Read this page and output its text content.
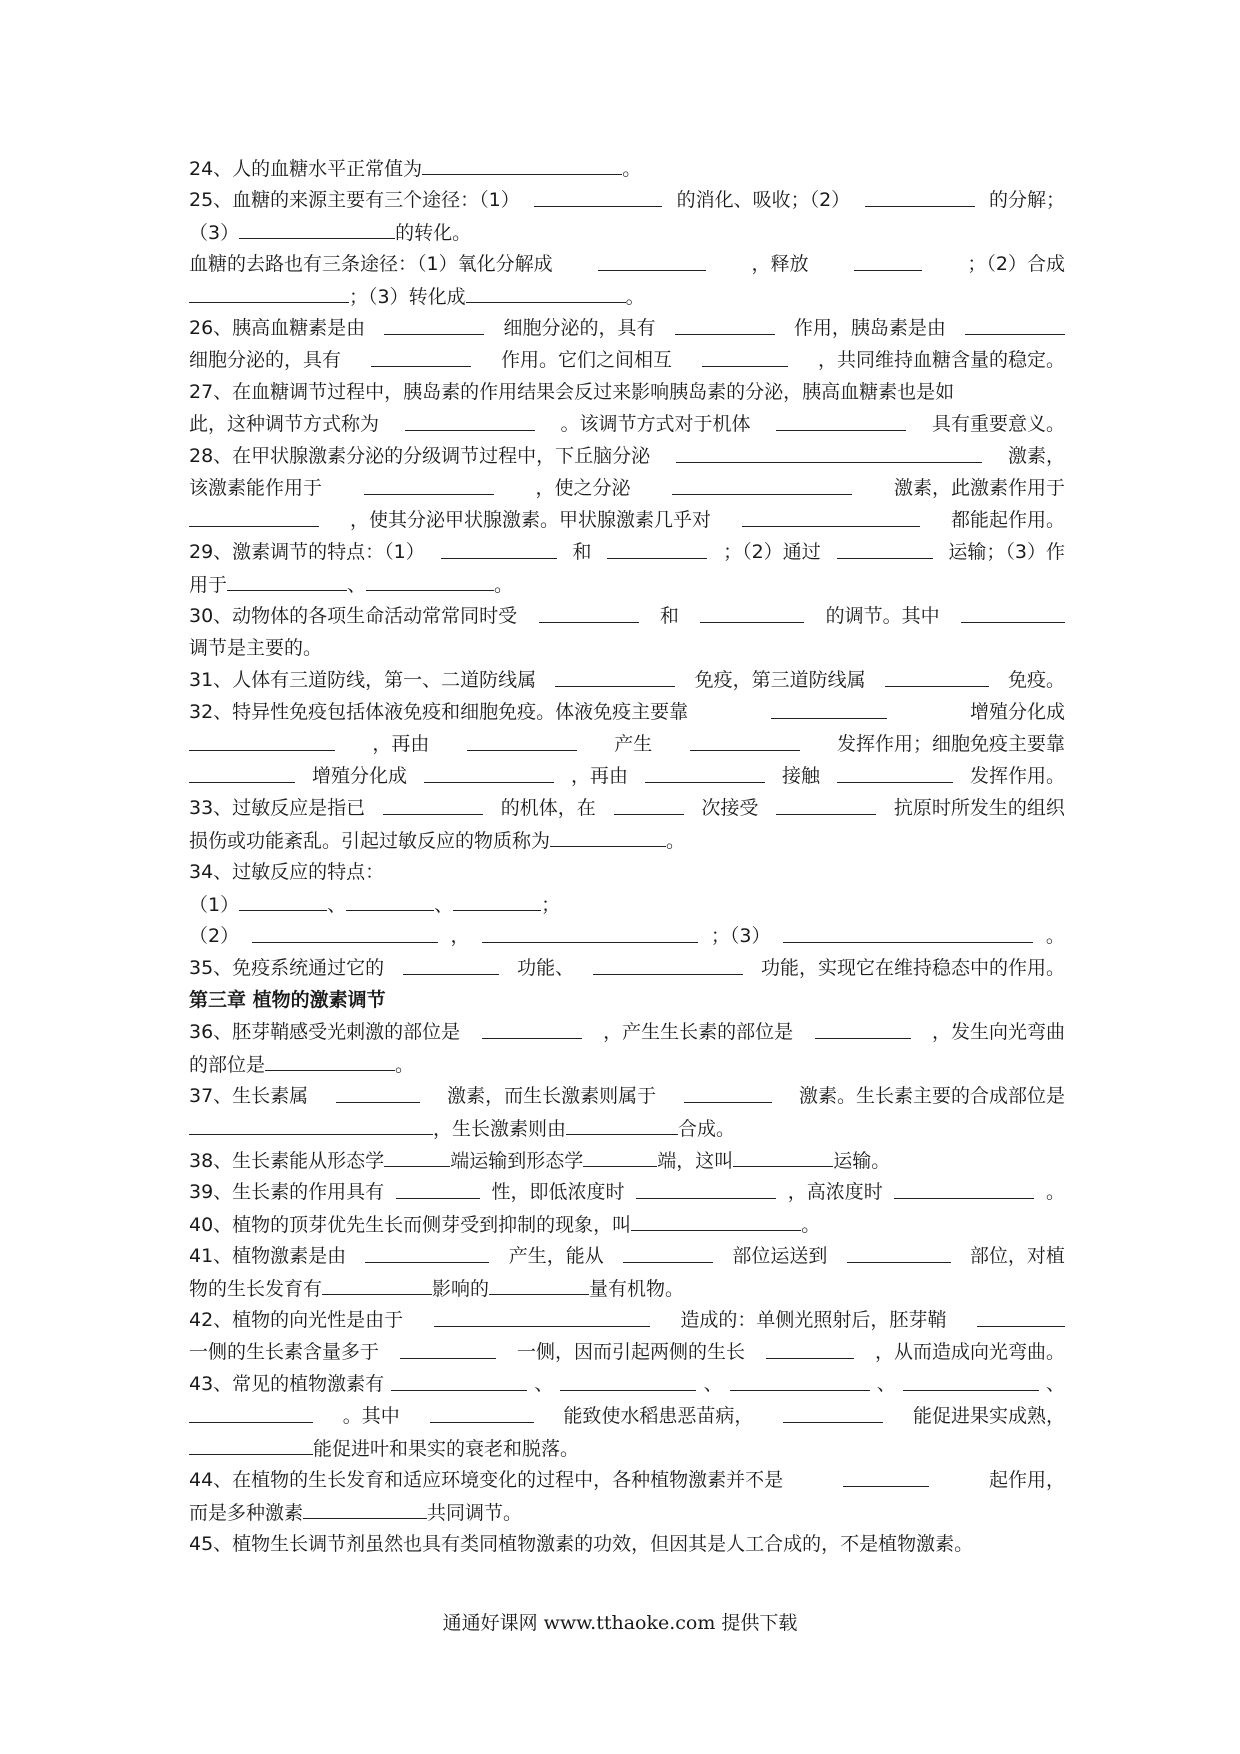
24、人的血糖水平正常值为	。
25、血糖的来源主要有三个途径：（1）	的消化、吸收；（2）	的分解；
（3）	的转化。
血糖的去路也有三条途径：（1）氧化分解成	，释放	；（2）合成
；（3）转化成	。
26、胰高血糖素是由	细胞分泌的，具有	作用，胰岛素是由
细胞分泌的，具有	作用。它们之间相互	，共同维持血糖含量的稳定。
27、在血糖调节过程中，胰岛素的作用结果会反过来影响胰岛素的分泌，胰高血糖素也是如
此，这种调节方式称为	。该调节方式对于机体	具有重要意义。
28、在甲状腺激素分泌的分级调节过程中，下丘脑分泌	激素，
该激素能作用于	，使之分泌	激素，此激素作用于
，使其分泌甲状腺激素。甲状腺激素几乎对	都能起作用。
29、激素调节的特点：（1）	和	；（2）通过	运输；（3）作
用于	、	。
30、动物体的各项生命活动常常同时受	和	的调节。其中
调节是主要的。
31、人体有三道防线，第一、二道防线属	免疫，第三道防线属	免疫。
32、特异性免疫包括体液免疫和细胞免疫。体液免疫主要靠	增殖分化成
，再由	产生	发挥作用；细胞免疫主要靠
增殖分化成	，再由	接触	发挥作用。
33、过敏反应是指已	的机体，在	次接受	抗原时所发生的组织
损伤或功能紊乱。引起过敏反应的物质称为	。
34、过敏反应的特点：
（1）	、	、	；
（2）	，	；（3）	。
35、免疫系统通过它的	功能、	功能，实现它在维持稳态中的作用。
第三章 植物的激素调节
36、胚芽鞘感受光刺激的部位是	，产生生长素的部位是	，发生向光弯曲
的部位是	。
37、生长素属	激素，而生长激素则属于	激素。生长素主要的合成部位是
，生长激素则由	合成。
38、生长素能从形态学	端运输到形态学	端，这叫	运输。
39、生长素的作用具有	性，即低浓度时	，高浓度时	。
40、植物的顶芽优先生长而侧芽受到抑制的现象，叫	。
41、植物激素是由	产生，能从	部位运送到	部位，对植
物的生长发育有	影响的	量有机物。
42、植物的向光性是由于	造成的：单侧光照射后，胚芽鞘
一侧的生长素含量多于	一侧，因而引起两侧的生长	，从而造成向光弯曲。
43、常见的植物激素有	、	、	、	、
。其中	能致使水稻患恶苗病，	能促进果实成熟，
能促进叶和果实的衰老和脱落。
44、在植物的生长发育和适应环境变化的过程中，各种植物激素并不是	起作用，
而是多种激素	共同调节。
45、植物生长调节剂虽然也具有类同植物激素的功效，但因其是人工合成的，不是植物激素。
通通好课网 www.tthaoke.com 提供下载
